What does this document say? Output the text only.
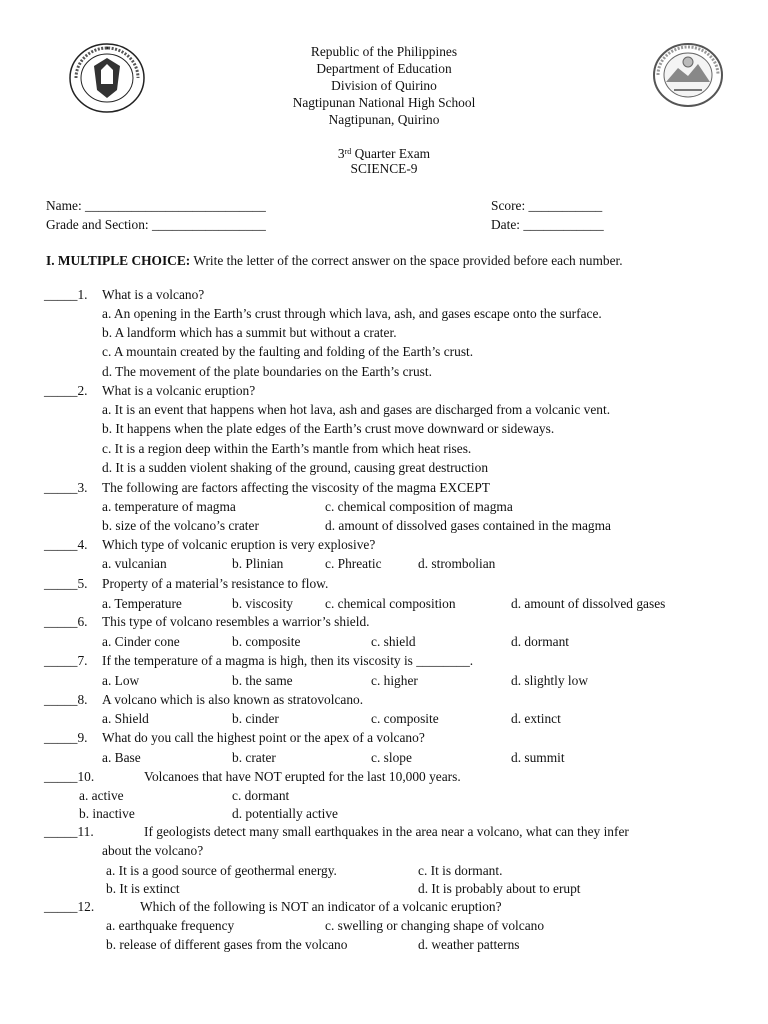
Republic of the Philippines
Department of Education
Division of Quirino
Nagtipunan National High School
Nagtipunan, Quirino
3rd Quarter Exam
SCIENCE-9
Name: ___________________________	Score: ___________
Grade and Section: _________________	Date: ____________
I. MULTIPLE CHOICE: Write the letter of the correct answer on the space provided before each number.
_____1. What is a volcano?
a. An opening in the Earth’s crust through which lava, ash, and gases escape onto the surface.
b. A landform which has a summit but without a crater.
c. A mountain created by the faulting and folding of the Earth’s crust.
d. The movement of the plate boundaries on the Earth’s crust.
_____2. What is a volcanic eruption?
a. It is an event that happens when hot lava, ash and gases are discharged from a volcanic vent.
b. It happens when the plate edges of the Earth’s crust move downward or sideways.
c. It is a region deep within the Earth’s mantle from which heat rises.
d. It is a sudden violent shaking of the ground, causing great destruction
_____3. The following are factors affecting the viscosity of the magma EXCEPT
a. temperature of magma	c. chemical composition of magma
b. size of the volcano’s crater	d. amount of dissolved gases contained in the magma
_____4. Which type of volcanic eruption is very explosive?
a. vulcanian	b. Plinian	c. Phreatic	d. strombolian
_____5. Property of a material’s resistance to flow.
a. Temperature	b. viscosity c. chemical composition	d. amount of dissolved gases
_____6. This type of volcano resembles a warrior’s shield.
a. Cinder cone	b. composite	c. shield	d. dormant
_____7. If the temperature of a magma is high, then its viscosity is ________.
a. Low	b. the same	c. higher	d. slightly low
_____8. A volcano which is also known as stratovolcano.
a. Shield	b. cinder	c. composite	d. extinct
_____9. What do you call the highest point or the apex of a volcano?
a. Base	b. crater	c. slope	d. summit
_____10.	Volcanoes that have NOT erupted for the last 10,000 years.
a. active	c. dormant
b. inactive	d. potentially active
_____11.	If geologists detect many small earthquakes in the area near a volcano, what can they infer
about the volcano?
a. It is a good source of geothermal energy.	c. It is dormant.
b. It is extinct	d. It is probably about to erupt
_____12.	Which of the following is NOT an indicator of a volcanic eruption?
a. earthquake frequency	c. swelling or changing shape of volcano
b. release of different gases from the volcano	d. weather patterns
